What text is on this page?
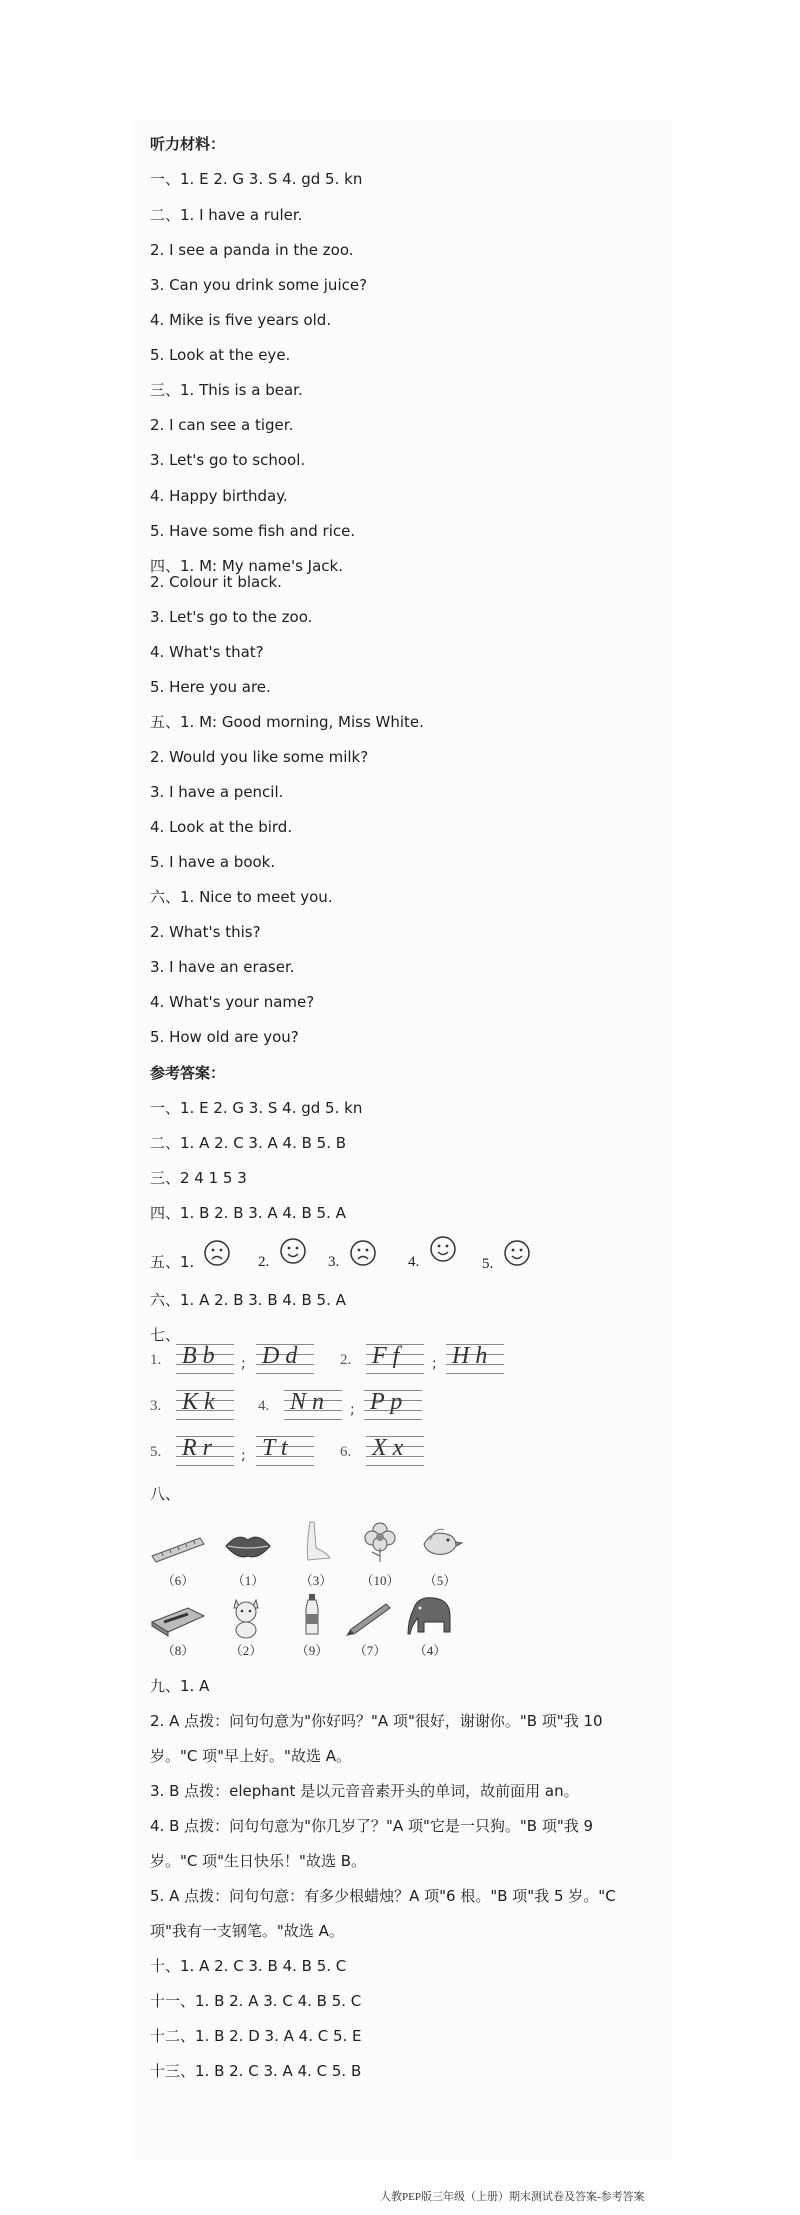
听力材料：
一、1. E 2. G 3. S 4. gd 5. kn
二、1. I have a ruler.
2. I see a panda in the zoo.
3. Can you drink some juice?
4. Mike is five years old.
5. Look at the eye.
三、1. This is a bear.
2. I can see a tiger.
3. Let's go to school.
4. Happy birthday.
5. Have some fish and rice.
四、1. M: My name's Jack.
2. Colour it black.
3. Let's go to the zoo.
4. What's that?
5. Here you are.
五、1. M: Good morning, Miss White.
2. Would you like some milk?
3. I have a pencil.
4. Look at the bird.
5. I have a book.
六、1. Nice to meet you.
2. What's this?
3. I have an eraser.
4. What's your name?
5. How old are you?
参考答案：
一、1. E 2. G 3. S 4. gd 5. kn
二、1. A 2. C 3. A 4. B 5. B
三、2 4 1 5 3
四、1. B 2. B 3. A 4. B 5. A
五、1.	2.	3.	4.	5.
六、1. A 2. B 3. B 4. B 5. A
七、
1. B b ; D d	2. F f ; H h
3. K k	4. N n ; P p
5. R r ; T t	6. X x
八、
（6）	（1）	（3）	（10）	（5）
（8）	（2）	（9）	（7）	（4）
九、1. A
2. A 点拨：问句句意为"你好吗？"A 项"很好，谢谢你。"B 项"我 10
岁。"C 项"早上好。"故选 A。
3. B 点拨：elephant 是以元音音素开头的单词，故前面用 an。
4. B 点拨：问句句意为"你几岁了？"A 项"它是一只狗。"B 项"我 9
岁。"C 项"生日快乐！"故选 B。
5. A 点拨：问句句意：有多少根蜡烛？A 项"6 根。"B 项"我 5 岁。"C
项"我有一支钢笔。"故选 A。
十、1. A 2. C 3. B 4. B 5. C
十一、1. B 2. A 3. C 4. B 5. C
十二、1. B 2. D 3. A 4. C 5. E
十三、1. B 2. C 3. A 4. C 5. B
人教PEP版三年级（上册）期末测试卷及答案-参考答案
